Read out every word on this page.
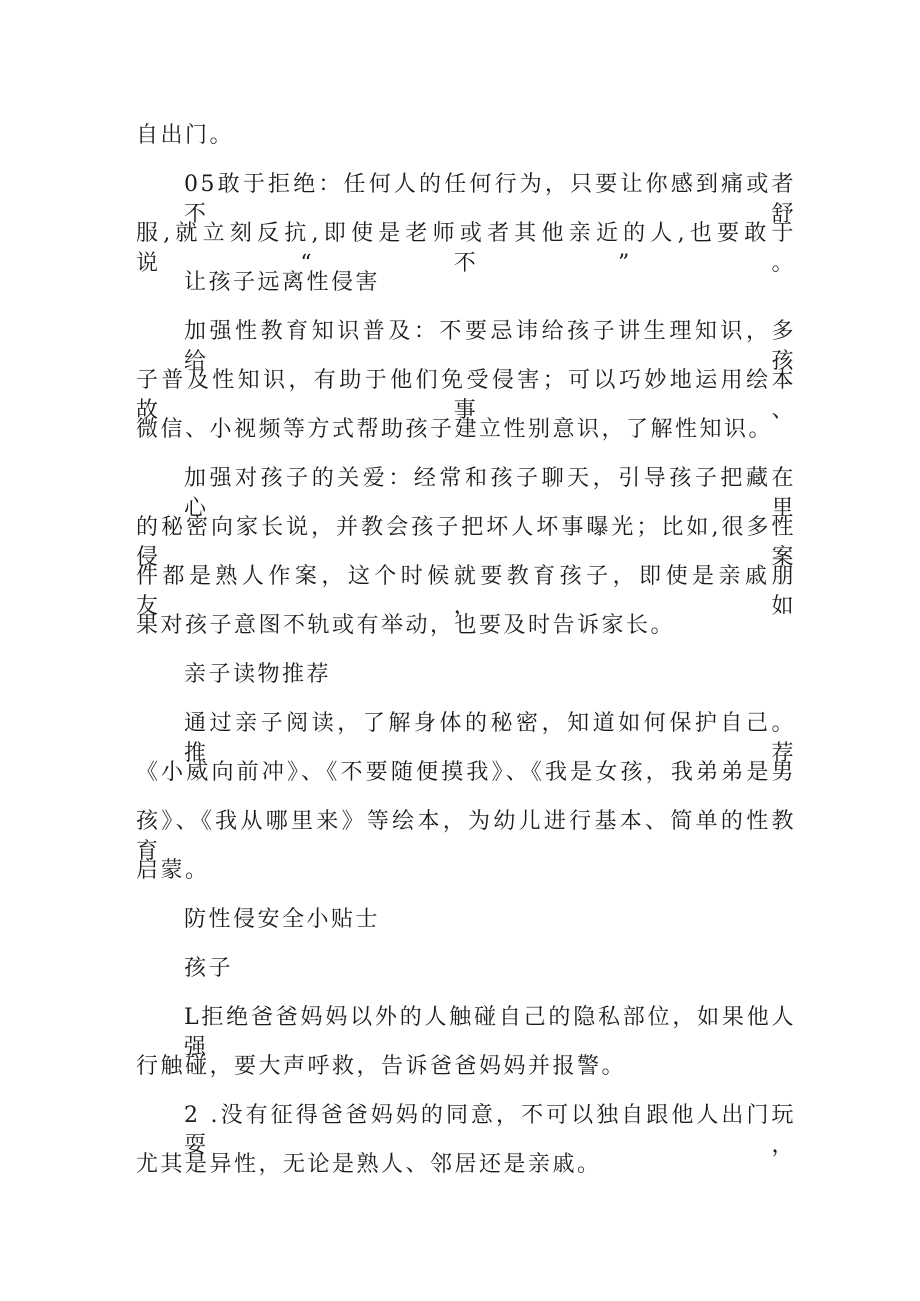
自出门。
05敢于拒绝：任何人的任何行为，只要让你感到痛或者不舒
服,就立刻反抗,即使是老师或者其他亲近的人,也要敢于说“不”。
让孩子远离性侵害
加强性教育知识普及：不要忌讳给孩子讲生理知识，多给孩
子普及性知识，有助于他们免受侵害；可以巧妙地运用绘本故事、
微信、小视频等方式帮助孩子建立性别意识，了解性知识。
加强对孩子的关爱：经常和孩子聊天，引导孩子把藏在心里
的秘密向家长说，并教会孩子把坏人坏事曝光；比如,很多性侵案
件都是熟人作案，这个时候就要教育孩子，即使是亲戚朋友，如
果对孩子意图不轨或有举动，也要及时告诉家长。
亲子读物推荐
通过亲子阅读，了解身体的秘密，知道如何保护自己。推荐
《小威向前冲》、《不要随便摸我》、《我是女孩，我弟弟是男
孩》、《我从哪里来》等绘本，为幼儿进行基本、简单的性教育
启蒙。
防性侵安全小贴士
孩子
L拒绝爸爸妈妈以外的人触碰自己的隐私部位，如果他人强
行触碰，要大声呼救，告诉爸爸妈妈并报警。
2 .没有征得爸爸妈妈的同意，不可以独自跟他人出门玩耍，
尤其是异性，无论是熟人、邻居还是亲戚。
